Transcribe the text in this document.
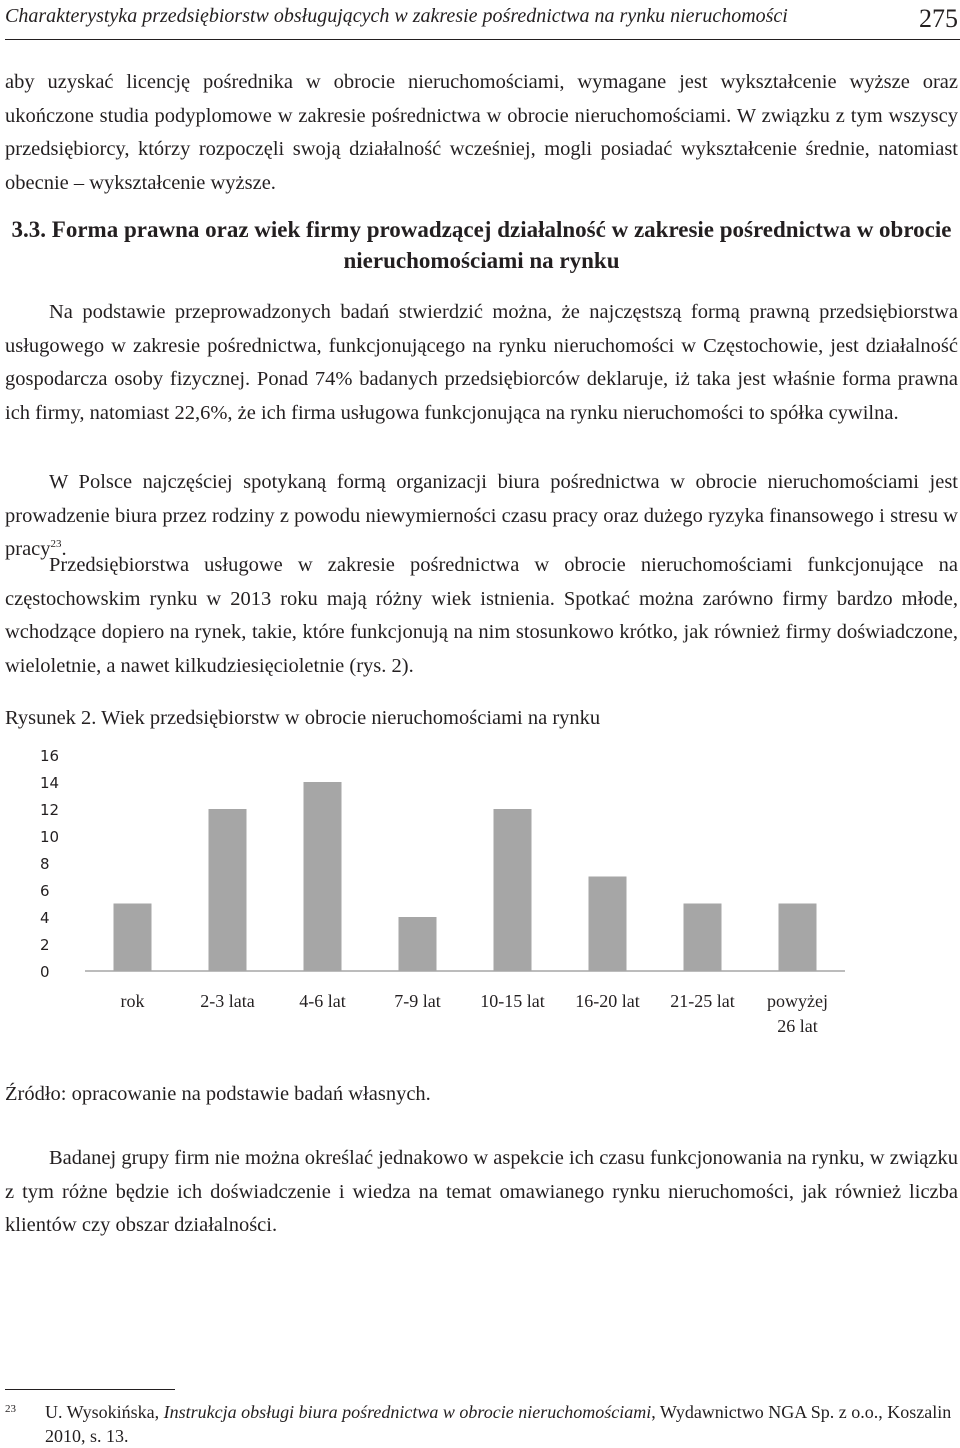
Charakterystyka przedsiębiorstw obsługujących w zakresie pośrednictwa na rynku nieruchomości	275

aby uzyskać licencję pośrednika w obrocie nieruchomościami, wymagane jest wykształcenie wyższe oraz ukończone studia podyplomowe w zakresie pośrednictwa w obrocie nieruchomościami. W związku z tym wszyscy przedsiębiorcy, którzy rozpoczęli swoją działalność wcześniej, mogli posiadać wykształcenie średnie, natomiast obecnie – wykształcenie wyższe.

3.3. Forma prawna oraz wiek firmy prowadzącej działalność w zakresie pośrednictwa w obrocie nieruchomościami na rynku

Na podstawie przeprowadzonych badań stwierdzić można, że najczęstszą formą prawną przedsiębiorstwa usługowego w zakresie pośrednictwa, funkcjonującego na rynku nieruchomości w Częstochowie, jest działalność gospodarcza osoby fizycznej. Ponad 74% badanych przedsiębiorców deklaruje, iż taka jest właśnie forma prawna ich firmy, natomiast 22,6%, że ich firma usługowa funkcjonująca na rynku nieruchomości to spółka cywilna.

W Polsce najczęściej spotykaną formą organizacji biura pośrednictwa w obrocie nieruchomościami jest prowadzenie biura przez rodziny z powodu niewymierności czasu pracy oraz dużego ryzyka finansowego i stresu w pracy$^{23}$.

Przedsiębiorstwa usługowe w zakresie pośrednictwa w obrocie nieruchomościami funkcjonujące na częstochowskim rynku w 2013 roku mają różny wiek istnienia. Spotkać można zarówno firmy bardzo młode, wchodzące dopiero na rynek, takie, które funkcjonują na nim stosunkowo krótko, jak również firmy doświadczone, wieloletnie, a nawet kilkudziesięcioletnie (rys. 2).

Rysunek 2. Wiek przedsiębiorstw w obrocie nieruchomościami na rynku

0
2
4
6
8
10
12
14
16
rok	2-3 lata 4-6 lat	7-9 lat 10-15 lat 16-20 lat 21-25 lat powyżej 26 lat

Źródło: opracowanie na podstawie badań własnych.

Badanej grupy firm nie można określać jednakowo w aspekcie ich czasu funkcjonowania na rynku, w związku z tym różne będzie ich doświadczenie i wiedza na temat omawianego rynku nieruchomości, jak również liczba klientów czy obszar działalności.

23 U. Wysokińska, Instrukcja obsługi biura pośrednictwa w obrocie nieruchomościami, Wydawnictwo NGA Sp. z o.o., Koszalin 2010, s. 13.
